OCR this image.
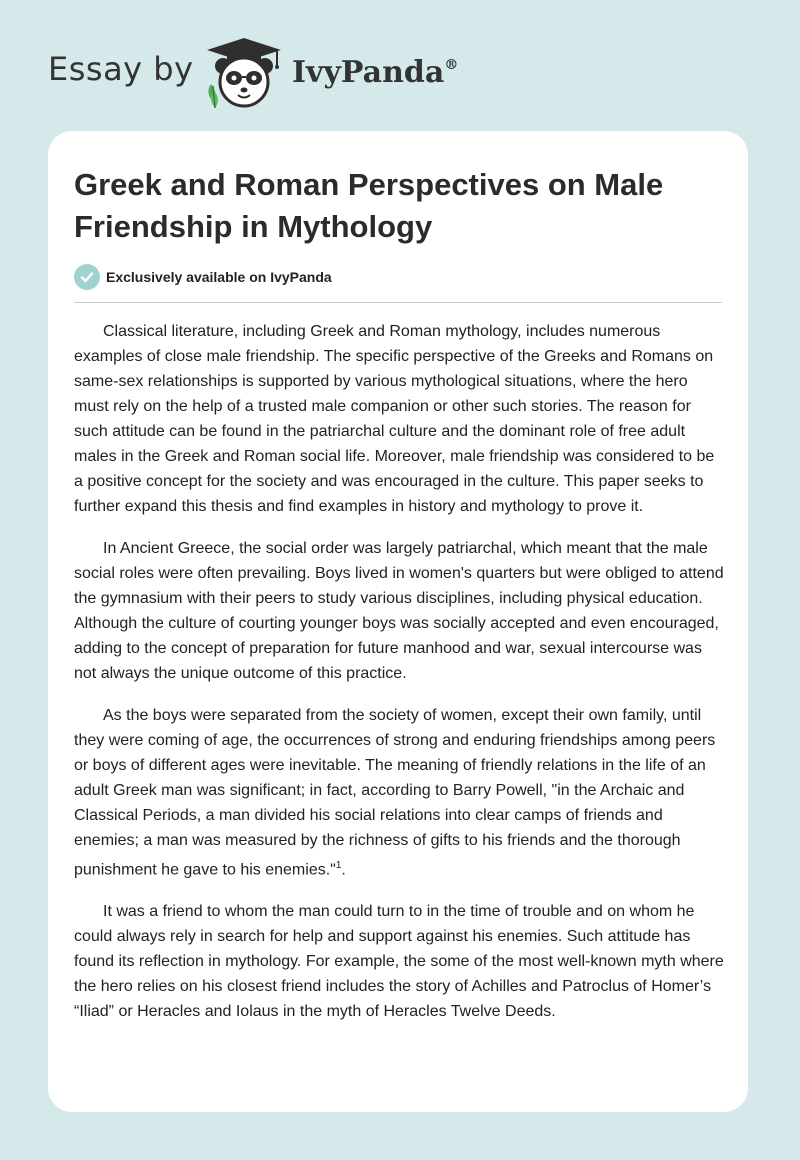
Essay by	IvyPanda®
Greek and Roman Perspectives on Male Friendship in Mythology
Exclusively available on IvyPanda

Classical literature, including Greek and Roman mythology, includes numerous examples of close male friendship. The specific perspective of the Greeks and Romans on same-sex relationships is supported by various mythological situations, where the hero must rely on the help of a trusted male companion or other such stories. The reason for such attitude can be found in the patriarchal culture and the dominant role of free adult males in the Greek and Roman social life. Moreover, male friendship was considered to be a positive concept for the society and was encouraged in the culture. This paper seeks to further expand this thesis and find examples in history and mythology to prove it.

In Ancient Greece, the social order was largely patriarchal, which meant that the male social roles were often prevailing. Boys lived in women's quarters but were obliged to attend the gymnasium with their peers to study various disciplines, including physical education. Although the culture of courting younger boys was socially accepted and even encouraged, adding to the concept of preparation for future manhood and war, sexual intercourse was not always the unique outcome of this practice.

As the boys were separated from the society of women, except their own family, until they were coming of age, the occurrences of strong and enduring friendships among peers or boys of different ages were inevitable. The meaning of friendly relations in the life of an adult Greek man was significant; in fact, according to Barry Powell, "in the Archaic and Classical Periods, a man divided his social relations into clear camps of friends and enemies; a man was measured by the richness of gifts to his friends and the thorough punishment he gave to his enemies."$^1$.

It was a friend to whom the man could turn to in the time of trouble and on whom he could always rely in search for help and support against his enemies. Such attitude has found its reflection in mythology. For example, the some of the most well-known myth where the hero relies on his closest friend includes the story of Achilles and Patroclus of Homer’s “Iliad” or Heracles and Iolaus in the myth of Heracles Twelve Deeds.
